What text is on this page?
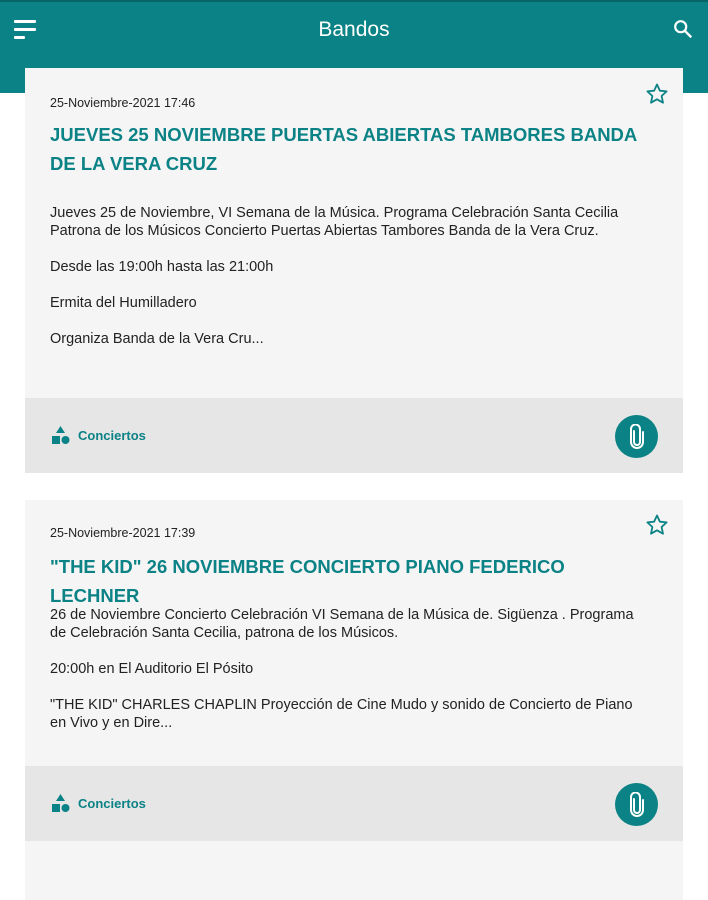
Bandos
25-Noviembre-2021 17:46
JUEVES 25 NOVIEMBRE PUERTAS ABIERTAS TAMBORES BANDA DE LA VERA CRUZ

Jueves 25 de Noviembre, VI Semana de la Música. Programa Celebración Santa Cecilia Patrona de los Músicos Concierto Puertas Abiertas Tambores Banda de la Vera Cruz.

Desde las 19:00h hasta las 21:00h

Ermita del Humilladero

Organiza Banda de la Vera Cru...

Conciertos
25-Noviembre-2021 17:39
"THE KID" 26 NOVIEMBRE CONCIERTO PIANO FEDERICO LECHNER

26 de Noviembre Concierto Celebración VI Semana de la Música de. Sigüenza . Programa de Celebración Santa Cecilia, patrona de los Músicos.

20:00h en El Auditorio El Pósito

"THE KID" CHARLES CHAPLIN Proyección de Cine Mudo y sonido de Concierto de Piano en Vivo y en Dire...

Conciertos
